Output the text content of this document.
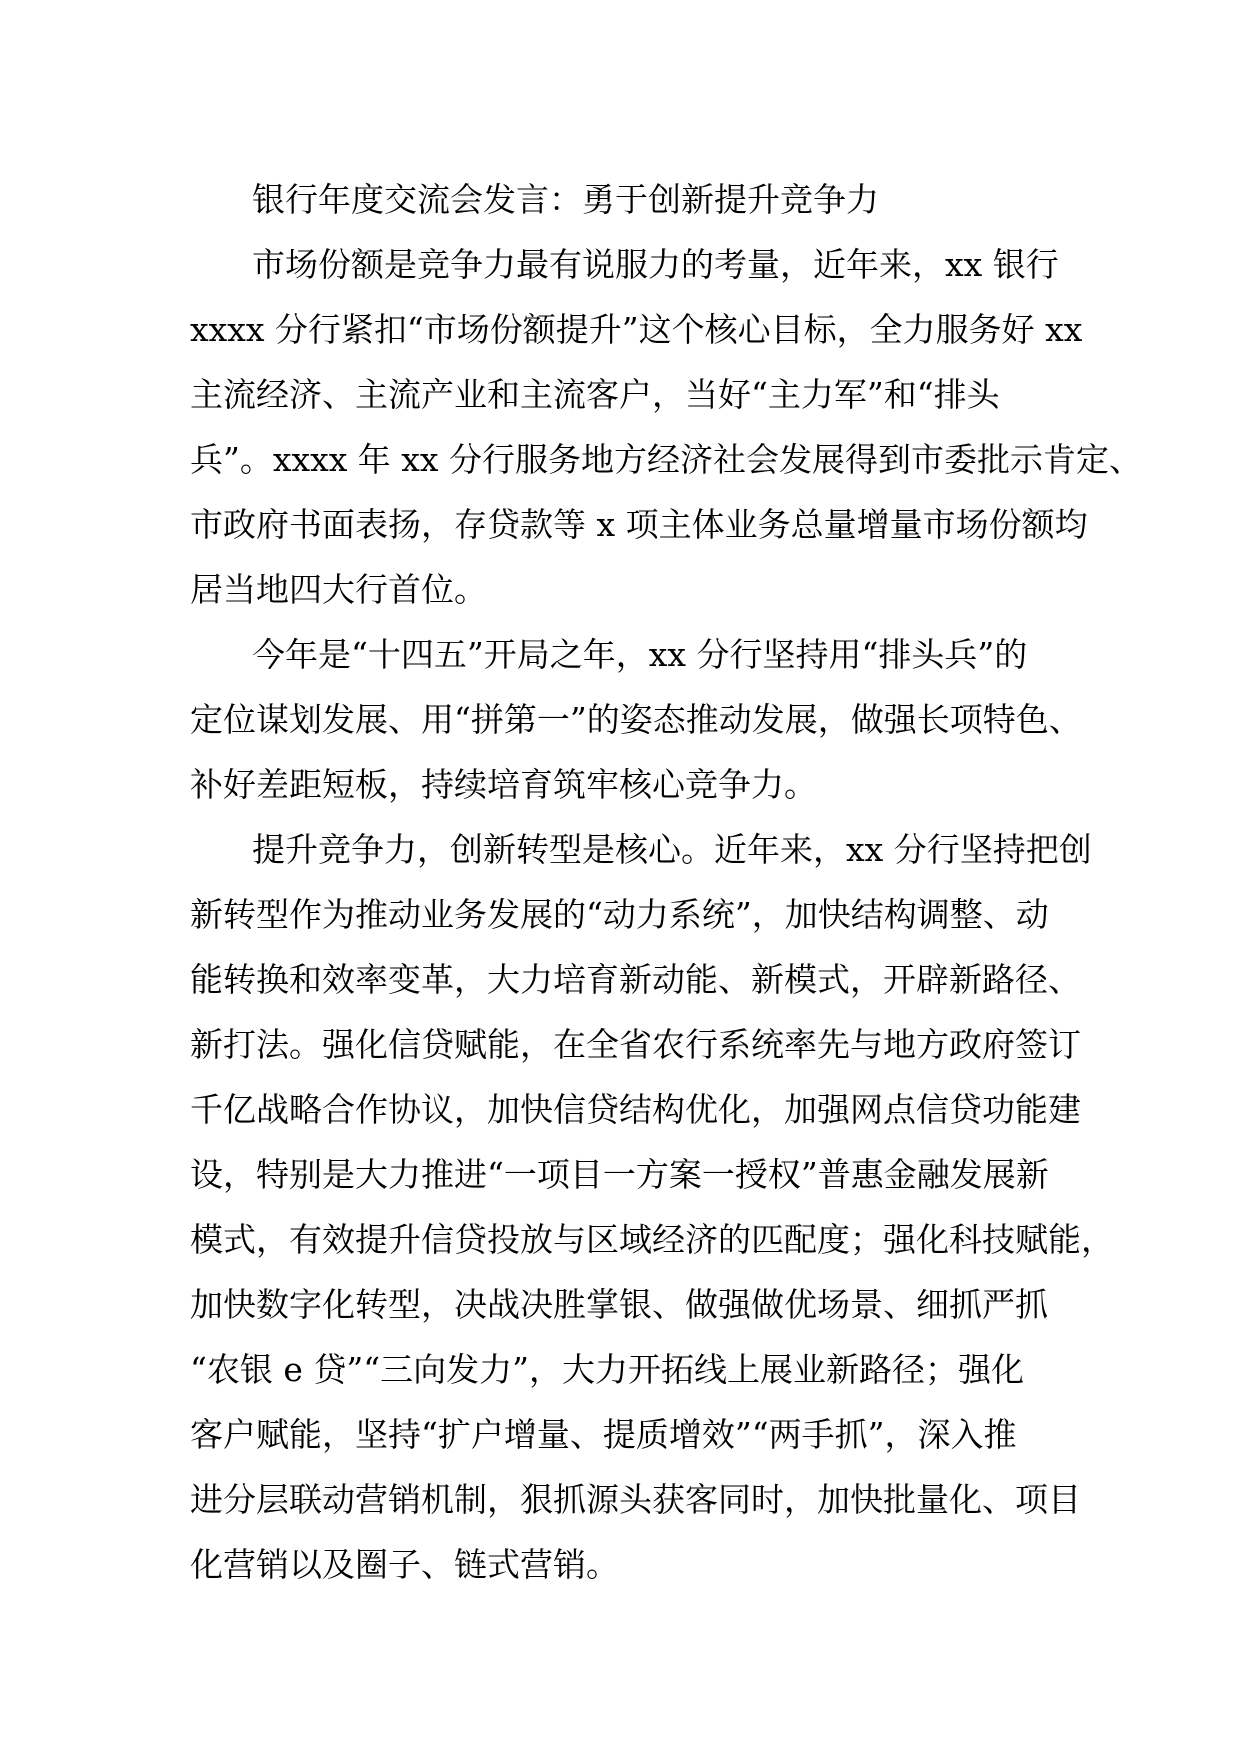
银行年度交流会发言：勇于创新提升竞争力
市场份额是竞争力最有说服力的考量，近年来，xx 银行
xxxx 分行紧扣“市场份额提升”这个核心目标，全力服务好 xx
主流经济、主流产业和主流客户，当好“主力军”和“排头
兵”。xxxx 年 xx 分行服务地方经济社会发展得到市委批示肯定、
市政府书面表扬，存贷款等 x 项主体业务总量增量市场份额均
居当地四大行首位。
今年是“十四五”开局之年，xx 分行坚持用“排头兵”的
定位谋划发展、用“拼第一”的姿态推动发展，做强长项特色、
补好差距短板，持续培育筑牢核心竞争力。
提升竞争力，创新转型是核心。近年来，xx 分行坚持把创
新转型作为推动业务发展的“动力系统”，加快结构调整、动
能转换和效率变革，大力培育新动能、新模式，开辟新路径、
新打法。强化信贷赋能，在全省农行系统率先与地方政府签订
千亿战略合作协议，加快信贷结构优化，加强网点信贷功能建
设，特别是大力推进“一项目一方案一授权”普惠金融发展新
模式，有效提升信贷投放与区域经济的匹配度；强化科技赋能，
加快数字化转型，决战决胜掌银、做强做优场景、细抓严抓
“农银 e 贷”“三向发力”，大力开拓线上展业新路径；强化
客户赋能，坚持“扩户增量、提质增效”“两手抓”，深入推
进分层联动营销机制，狠抓源头获客同时，加快批量化、项目
化营销以及圈子、链式营销。
